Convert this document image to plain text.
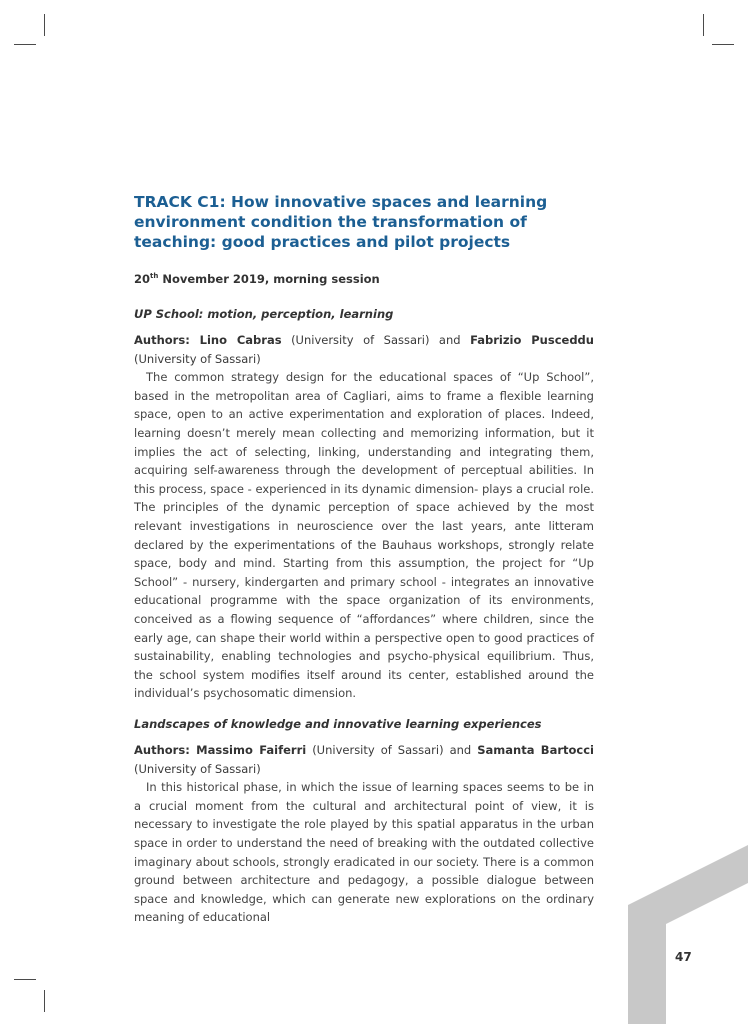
TRACK C1: How innovative spaces and learning environment condition the transformation of teaching: good practices and pilot projects

20th November 2019, morning session

UP School: motion, perception, learning
Authors: Lino Cabras (University of Sassari) and Fabrizio Pusceddu (University of Sassari)

The common strategy design for the educational spaces of “Up School”, based in the metropolitan area of Cagliari, aims to frame a flexible learning space, open to an active experimentation and exploration of places. Indeed, learning doesn’t merely mean collecting and memorizing information, but it implies the act of selecting, linking, understanding and integrating them, acquiring self-awareness through the development of perceptual abilities. In this process, space - experienced in its dynamic dimension- plays a crucial role. The principles of the dynamic perception of space achieved by the most relevant investigations in neuroscience over the last years, ante litteram declared by the experimentations of the Bauhaus workshops, strongly relate space, body and mind. Starting from this assumption, the project for “Up School” - nursery, kindergarten and primary school - integrates an innovative educational programme with the space organization of its environments, conceived as a flowing sequence of “affordances” where children, since the early age, can shape their world within a perspective open to good practices of sustainability, enabling technologies and psycho-physical equilibrium. Thus, the school system modifies itself around its center, established around the individual’s psychosomatic dimension.

Landscapes of knowledge and innovative learning experiences
Authors: Massimo Faiferri (University of Sassari) and Samanta Bartocci (University of Sassari)

In this historical phase, in which the issue of learning spaces seems to be in a crucial moment from the cultural and architectural point of view, it is necessary to investigate the role played by this spatial apparatus in the urban space in order to understand the need of breaking with the outdated collective imaginary about schools, strongly eradicated in our society. There is a common ground between architecture and pedagogy, a possible dialogue between space and knowledge, which can generate new explorations on the ordinary meaning of educational

47
